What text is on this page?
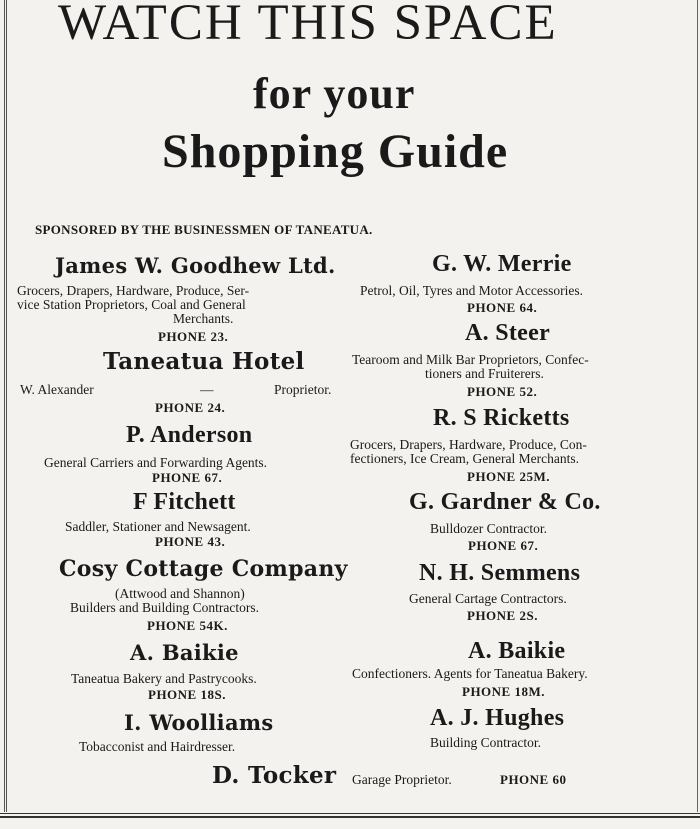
WATCH THIS SPACE
for your
Shopping Guide
SPONSORED BY THE BUSINESSMEN OF TANEATUA.
James W. Goodhew Ltd.
Grocers, Drapers, Hardware, Produce, Ser-
vice Station Proprietors, Coal and General
Merchants.
PHONE 23.
Taneatua Hotel
W. Alexander	—	Proprietor.
PHONE 24.
P. Anderson
General Carriers and Forwarding Agents.
PHONE 67.
F Fitchett
Saddler, Stationer and Newsagent.
PHONE 43.
Cosy Cottage Company
(Attwood and Shannon)
Builders and Building Contractors.
PHONE 54K.
A. Baikie
Taneatua Bakery and Pastrycooks.
PHONE 18S.
I. Woolliams
Tobacconist and Hairdresser.
D. Tocker
G. W. Merrie
Petrol, Oil, Tyres and Motor Accessories.
PHONE 64.
A. Steer
Tearoom and Milk Bar Proprietors, Confec-
tioners and Fruiterers.
PHONE 52.
R. S Ricketts
Grocers, Drapers, Hardware, Produce, Con-
fectioners, Ice Cream, General Merchants.
PHONE 25M.
G. Gardner & Co.
Bulldozer Contractor.
PHONE 67.
N. H. Semmens
General Cartage Contractors.
PHONE 2S.
A. Baikie
Confectioners. Agents for Taneatua Bakery.
PHONE 18M.
A. J. Hughes
Building Contractor.
Garage Proprietor.	PHONE 60
